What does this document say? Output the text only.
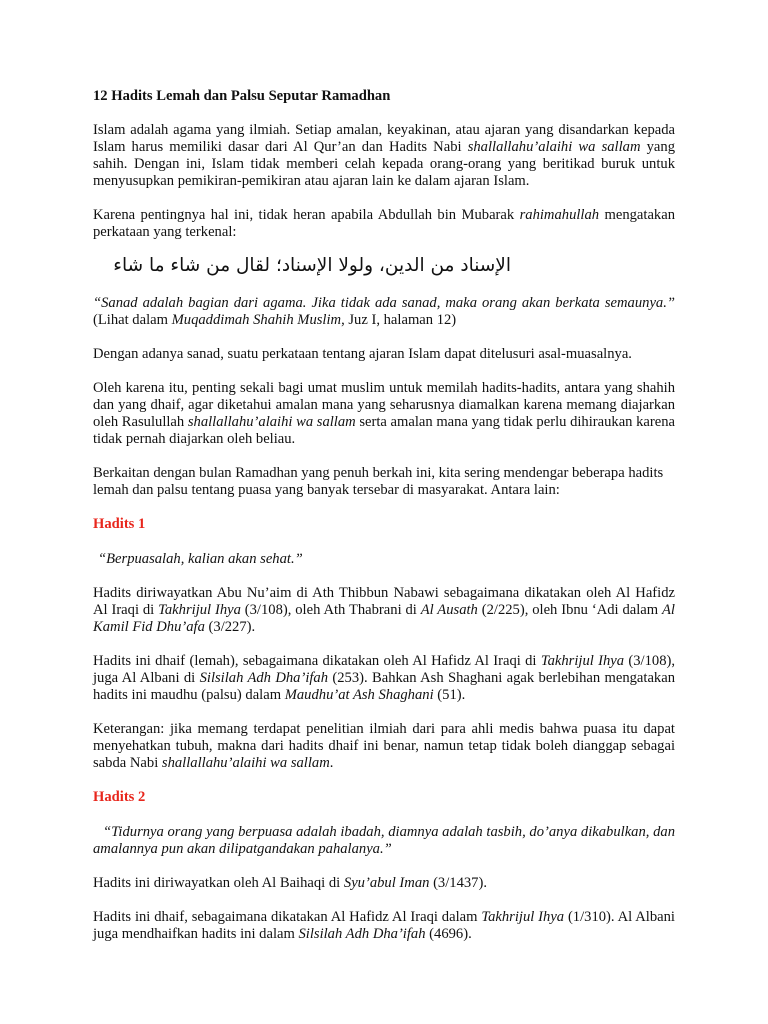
12 Hadits Lemah dan Palsu Seputar Ramadhan

Islam adalah agama yang ilmiah. Setiap amalan, keyakinan, atau ajaran yang disandarkan kepada Islam harus memiliki dasar dari Al Qur’an dan Hadits Nabi shallallahu’alaihi wa sallam yang sahih. Dengan ini, Islam tidak memberi celah kepada orang-orang yang beritikad buruk untuk menyusupkan pemikiran-pemikiran atau ajaran lain ke dalam ajaran Islam.

Karena pentingnya hal ini, tidak heran apabila Abdullah bin Mubarak rahimahullah mengatakan perkataan yang terkenal:

الإسناد من الدين، ولولا الإسناد؛ لقال من شاء ما شاء

“Sanad adalah bagian dari agama. Jika tidak ada sanad, maka orang akan berkata semaunya.” (Lihat dalam Muqaddimah Shahih Muslim, Juz I, halaman 12)

Dengan adanya sanad, suatu perkataan tentang ajaran Islam dapat ditelusuri asal-muasalnya.

Oleh karena itu, penting sekali bagi umat muslim untuk memilah hadits-hadits, antara yang shahih dan yang dhaif, agar diketahui amalan mana yang seharusnya diamalkan karena memang diajarkan oleh Rasulullah shallallahu’alaihi wa sallam serta amalan mana yang tidak perlu dihiraukan karena tidak pernah diajarkan oleh beliau.

Berkaitan dengan bulan Ramadhan yang penuh berkah ini, kita sering mendengar beberapa hadits lemah dan palsu tentang puasa yang banyak tersebar di masyarakat. Antara lain:

Hadits 1

“Berpuasalah, kalian akan sehat.”

Hadits diriwayatkan Abu Nu’aim di Ath Thibbun Nabawi sebagaimana dikatakan oleh Al Hafidz Al Iraqi di Takhrijul Ihya (3/108), oleh Ath Thabrani di Al Ausath (2/225), oleh Ibnu ‘Adi dalam Al Kamil Fid Dhu’afa (3/227).

Hadits ini dhaif (lemah), sebagaimana dikatakan oleh Al Hafidz Al Iraqi di Takhrijul Ihya (3/108), juga Al Albani di Silsilah Adh Dha’ifah (253). Bahkan Ash Shaghani agak berlebihan mengatakan hadits ini maudhu (palsu) dalam Maudhu’at Ash Shaghani (51).

Keterangan: jika memang terdapat penelitian ilmiah dari para ahli medis bahwa puasa itu dapat menyehatkan tubuh, makna dari hadits dhaif ini benar, namun tetap tidak boleh dianggap sebagai sabda Nabi shallallahu’alaihi wa sallam.

Hadits 2

“Tidurnya orang yang berpuasa adalah ibadah, diamnya adalah tasbih, do’anya dikabulkan, dan amalannya pun akan dilipatgandakan pahalanya.”

Hadits ini diriwayatkan oleh Al Baihaqi di Syu’abul Iman (3/1437).

Hadits ini dhaif, sebagaimana dikatakan Al Hafidz Al Iraqi dalam Takhrijul Ihya (1/310). Al Albani juga mendhaifkan hadits ini dalam Silsilah Adh Dha’ifah (4696).
